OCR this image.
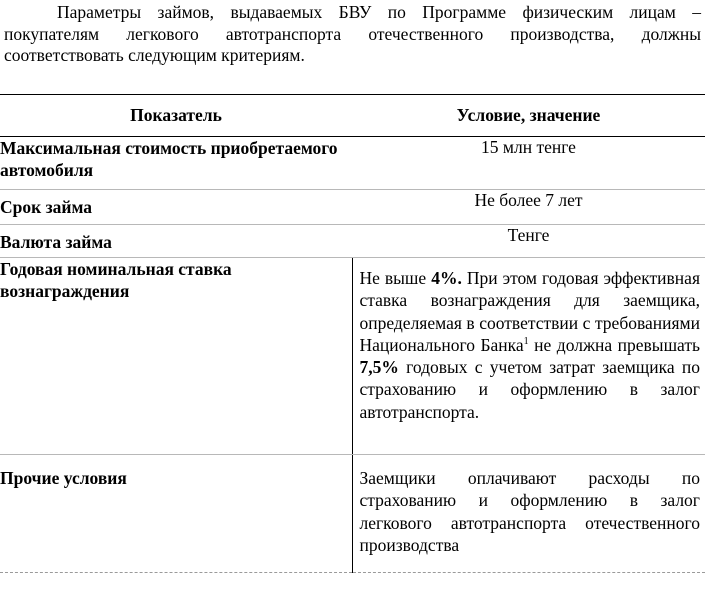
Параметры займов, выдаваемых БВУ по Программе физическим лицам – покупателям легкового автотранспорта отечественного производства, должны соответствовать следующим критериям.

Показатель	Условие, значение
Максимальная стоимость приобретаемого автомобиля	15 млн тенге
Срок займа	Не более 7 лет
Валюта займа	Тенге
Годовая номинальная ставка вознаграждения	Не выше 4%. При этом годовая эффективная ставка вознаграждения для заемщика, определяемая в соответствии с требованиями Национального Банка$^1$ не должна превышать 7,5% годовых с учетом затрат заемщика по страхованию и оформлению в залог автотранспорта.
Прочие условия	Заемщики оплачивают расходы по страхованию и оформлению в залог легкового автотранспорта отечественного производства
